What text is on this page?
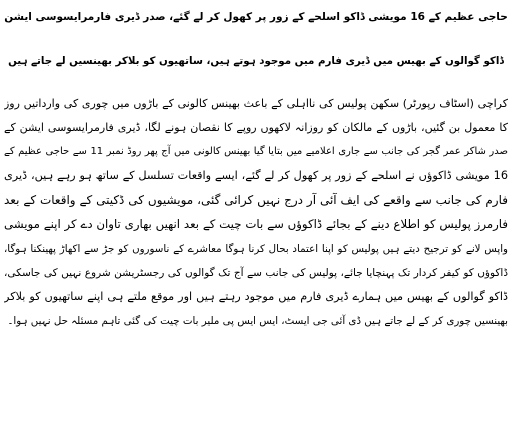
حاجی عظیم کے 16 مویشی ڈاکو اسلحے کے زور پر کھول کر لے گئے، صدر ڈیری فارمرایسوسی ایشن
ڈاکو گوالوں کے بھیس میں ڈیری فارم میں موجود ہوتے ہیں، ساتھیوں کو بلاکر بھینسیں لے جاتے ہیں
کراچی (اسٹاف رپورٹر) سکھن پولیس کی نااہلی کے باعث بھینس کالونی کے باڑوں میں چوری کی وارداتیں روز
کا معمول بن گئیں، باڑوں کے مالکان کو روزانہ لاکھوں روپے کا نقصان ہونے لگا، ڈیری فارمرایسوسی ایشن کے
صدر شاکر عمر گجر کی جانب سے جاری اعلامیے میں بتایا گیا بھینس کالونی میں آج پھر روڈ نمبر 11 سے حاجی عظیم کے
16 مویشی ڈاکوؤں نے اسلحے کے زور پر کھول کر لے گئے، ایسے واقعات تسلسل کے ساتھ ہو رہے ہیں، ڈیری
فارم کی جانب سے واقعے کی ایف آئی آر درج نہیں کرائی گئی، مویشیوں کی ڈکیتی کے واقعات کے بعد
فارمرز پولیس کو اطلاع دینے کے بجائے ڈاکوؤں سے بات چیت کے بعد انھیں بھاری تاوان دے کر اپنے مویشی
واپس لانے کو ترجیح دیتے ہیں پولیس کو اپنا اعتماد بحال کرنا ہوگا معاشرے کے ناسوروں کو جڑ سے اکھاڑ پھینکنا ہوگا،
ڈاکوؤں کو کیفر کردار تک پہنچایا جائے، پولیس کی جانب سے آج تک گوالوں کی رجسٹریشن شروع نہیں کی جاسکی،
ڈاکو گوالوں کے بھیس میں ہمارے ڈیری فارم میں موجود رہتے ہیں اور موقع ملتے ہی اپنے ساتھیوں کو بلاکر
بھینسیں چوری کر کے لے جاتے ہیں ڈی آئی جی ایسٹ، ایس ایس پی ملیر بات چیت کی گئی تاہم مسئلہ حل نہیں ہوا۔
